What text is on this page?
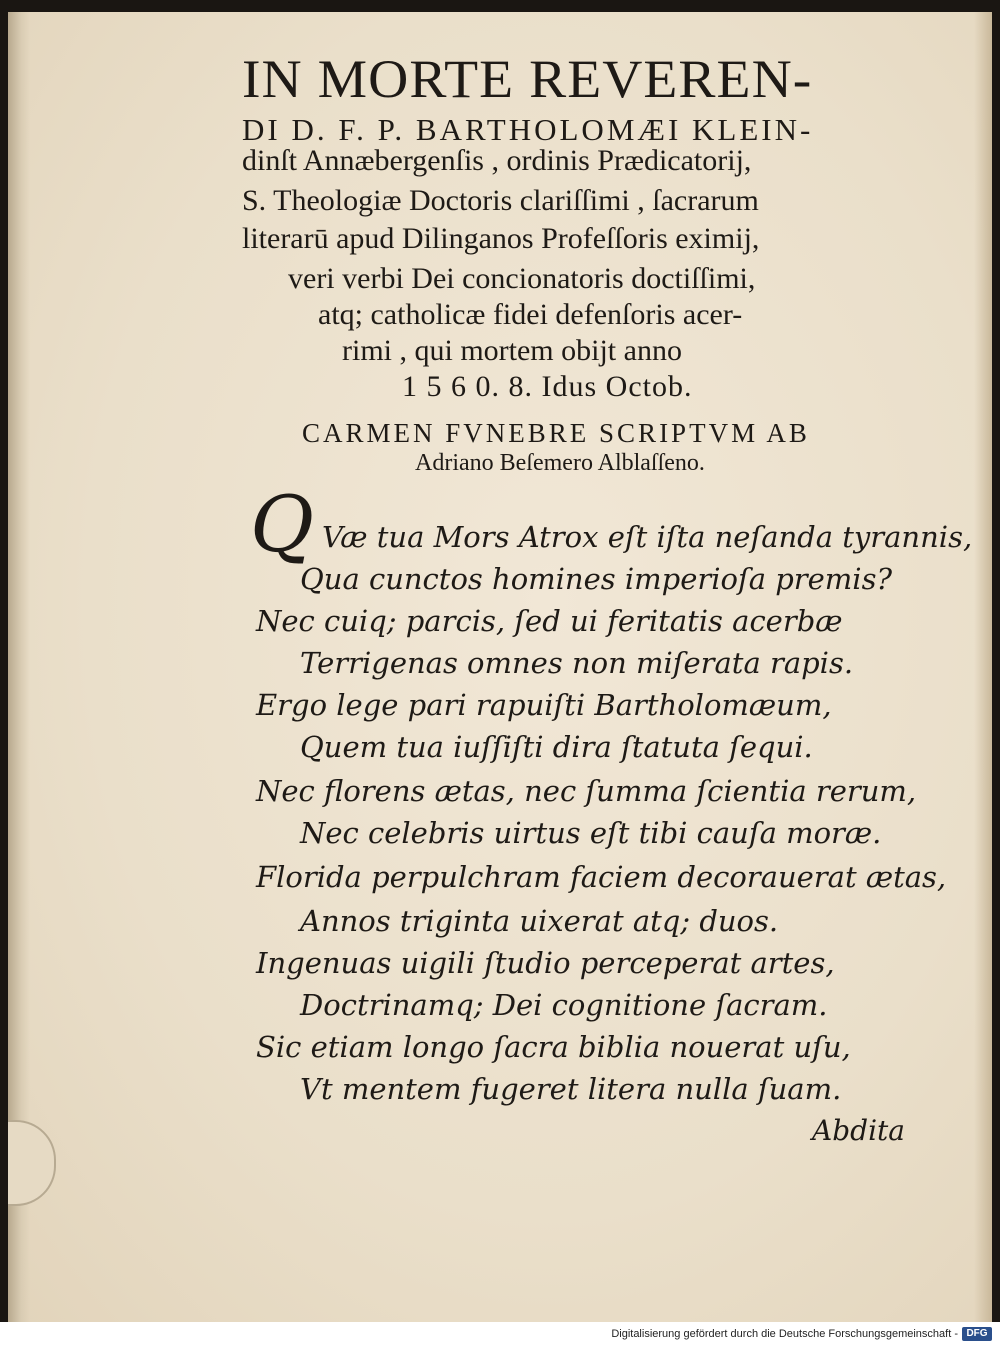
IN MORTE REVEREN-
DI D. F. P. BARTHOLOMÆI KLEIN-
dinſt Annæbergenſis , ordinis Prædicatorij,
S. Theologiæ Doctoris clariſſimi , ſacrarum
literarū apud Dilinganos Profeſſoris eximij,
veri verbi Dei concionatoris doctiſſimi,
atq; catholicæ fidei defenſoris acer-
rimi , qui mortem obijt anno
1 5 6 0. 8. Idus Octob.
CARMEN FVNEBRE SCRIPTVM AB
Adriano Beſemero Alblaſſeno.
Q Væ tua Mors Atrox eſt iſta neſanda tyrannis,
Qua cunctos homines imperioſa premis?
Nec cuiq; parcis, ſed ui feritatis acerbæ
Terrigenas omnes non miſerata rapis.
Ergo lege pari rapuiſti Bartholomæum,
Quem tua iuſſiſti dira ſtatuta ſequi.
Nec florens ætas, nec ſumma ſcientia rerum,
Nec celebris uirtus eſt tibi cauſa moræ.
Florida perpulchram faciem decorauerat ætas,
Annos triginta uixerat atq; duos.
Ingenuas uigili ſtudio perceperat artes,
Doctrinamq; Dei cognitione ſacram.
Sic etiam longo ſacra biblia nouerat uſu,
Vt mentem fugeret litera nulla ſuam.
Abdita
Digitalisierung gefördert durch die Deutsche Forschungsgemeinschaft - DFG
